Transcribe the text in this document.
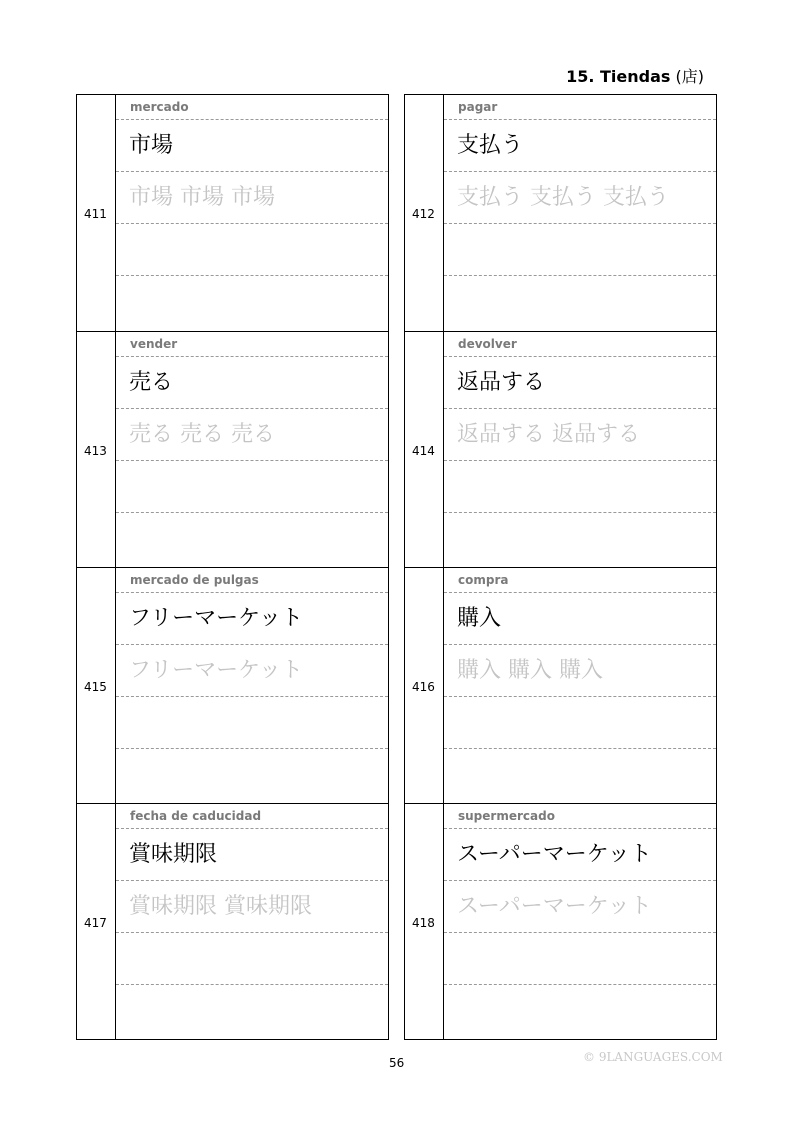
15. Tiendas (店)
411
mercado
市場
市場 市場 市場
413
vender
売る
売る 売る 売る
415
mercado de pulgas
フリーマーケット
フリーマーケット
417
fecha de caducidad
賞味期限
賞味期限 賞味期限
412
pagar
支払う
支払う 支払う 支払う
414
devolver
返品する
返品する 返品する
416
compra
購入
購入 購入 購入
418
supermercado
スーパーマーケット
スーパーマーケット
56	© 9LANGUAGES.COM
